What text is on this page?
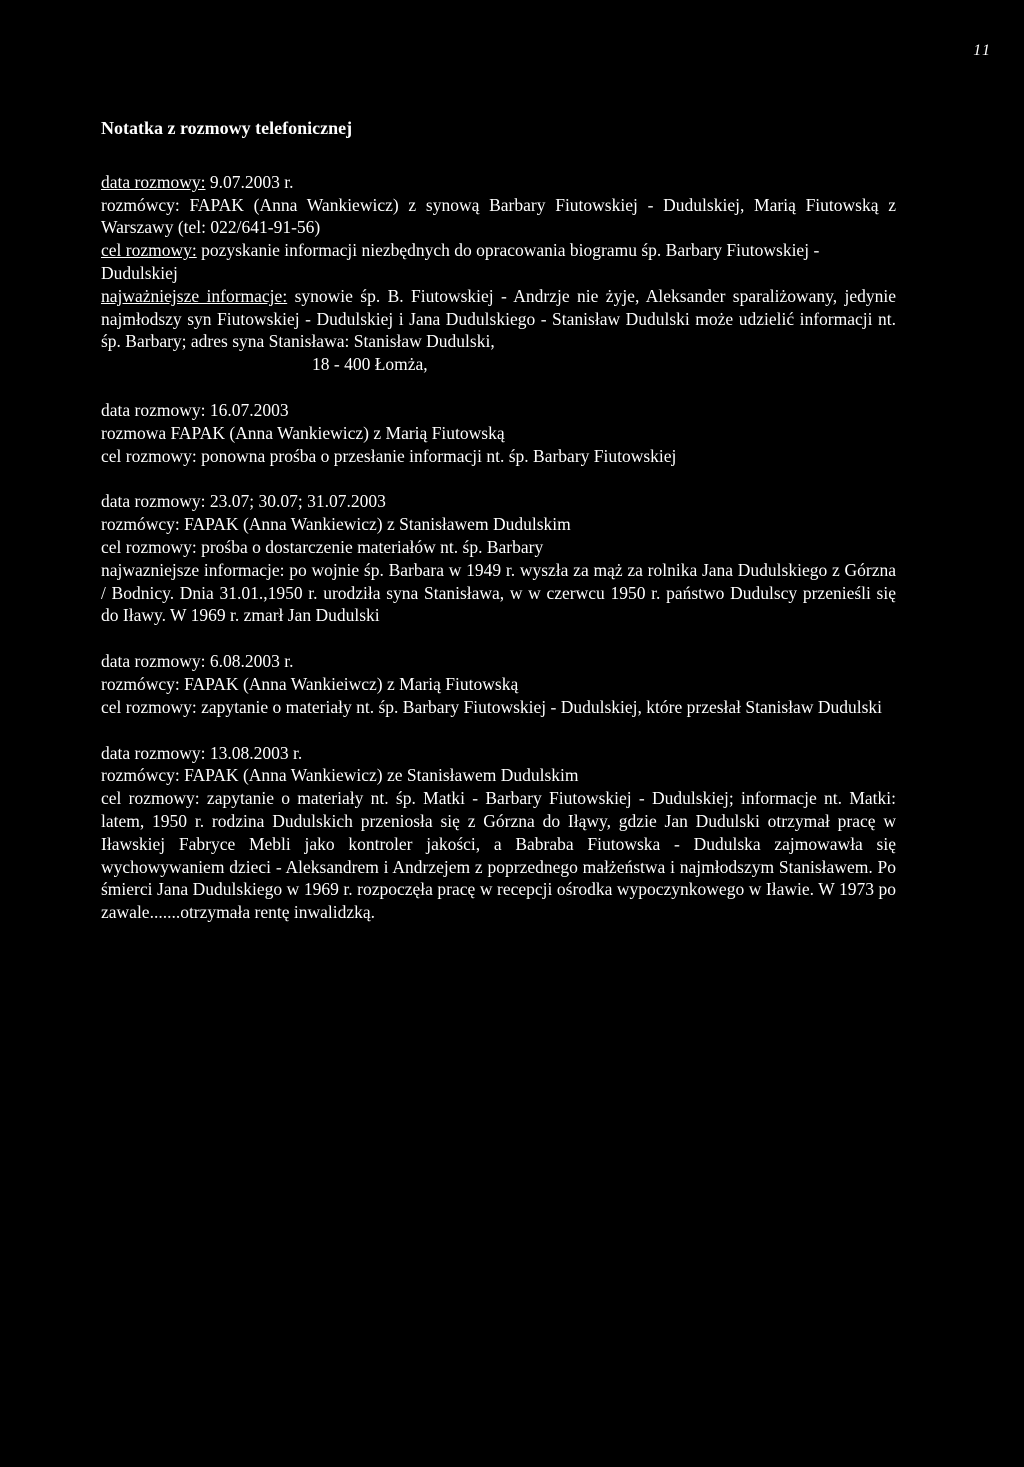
11
Notatka z rozmowy telefonicznej

data rozmowy: 9.07.2003 r.

rozmówcy: FAPAK (Anna Wankiewicz) z synową Barbary Fiutowskiej - Dudulskiej, Marią Fiutowską z Warszawy (tel: 022/641-91-56)

cel rozmowy: pozyskanie informacji niezbędnych do opracowania biogramu śp. Barbary Fiutowskiej - Dudulskiej

najważniejsze informacje: synowie śp. B. Fiutowskiej - Andrzje nie żyje, Aleksander sparaliżowany, jedynie najmłodszy syn Fiutowskiej - Dudulskiej i Jana Dudulskiego - Stanisław Dudulski może udzielić informacji nt. śp. Barbary; adres syna Stanisława: Stanisław Dudulski,

18 - 400 Łomża,

data rozmowy: 16.07.2003

rozmowa FAPAK (Anna Wankiewicz) z Marią Fiutowską

cel rozmowy: ponowna prośba o przesłanie informacji nt. śp. Barbary Fiutowskiej

data rozmowy: 23.07; 30.07; 31.07.2003

rozmówcy: FAPAK (Anna Wankiewicz) z Stanisławem Dudulskim

cel rozmowy: prośba o dostarczenie materiałów nt. śp. Barbary

najwazniejsze informacje: po wojnie śp. Barbara w 1949 r. wyszła za mąż za rolnika Jana Dudulskiego z Górzna / Bodnicy. Dnia 31.01.,1950 r. urodziła syna Stanisława, w w czerwcu 1950 r. państwo Dudulscy przenieśli się do Iławy. W 1969 r. zmarł Jan Dudulski

data rozmowy: 6.08.2003 r.

rozmówcy: FAPAK (Anna Wankieiwcz) z Marią Fiutowską

cel rozmowy: zapytanie o materiały nt. śp. Barbary Fiutowskiej - Dudulskiej, które przesłał Stanisław Dudulski

data rozmowy: 13.08.2003 r.

rozmówcy: FAPAK (Anna Wankiewicz) ze Stanisławem Dudulskim

cel rozmowy: zapytanie o materiały nt. śp. Matki - Barbary Fiutowskiej - Dudulskiej; informacje nt. Matki: latem, 1950 r. rodzina Dudulskich przeniosła się z Górzna do Iłąwy, gdzie Jan Dudulski otrzymał pracę w Iławskiej Fabryce Mebli jako kontroler jakości, a Babraba Fiutowska - Dudulska zajmowawła się wychowywaniem dzieci - Aleksandrem i Andrzejem z poprzednego małżeństwa i najmłodszym Stanisławem. Po śmierci Jana Dudulskiego w 1969 r. rozpoczęła pracę w recepcji ośrodka wypoczynkowego w Iławie. W 1973 po zawale.......otrzymała rentę inwalidzką.
